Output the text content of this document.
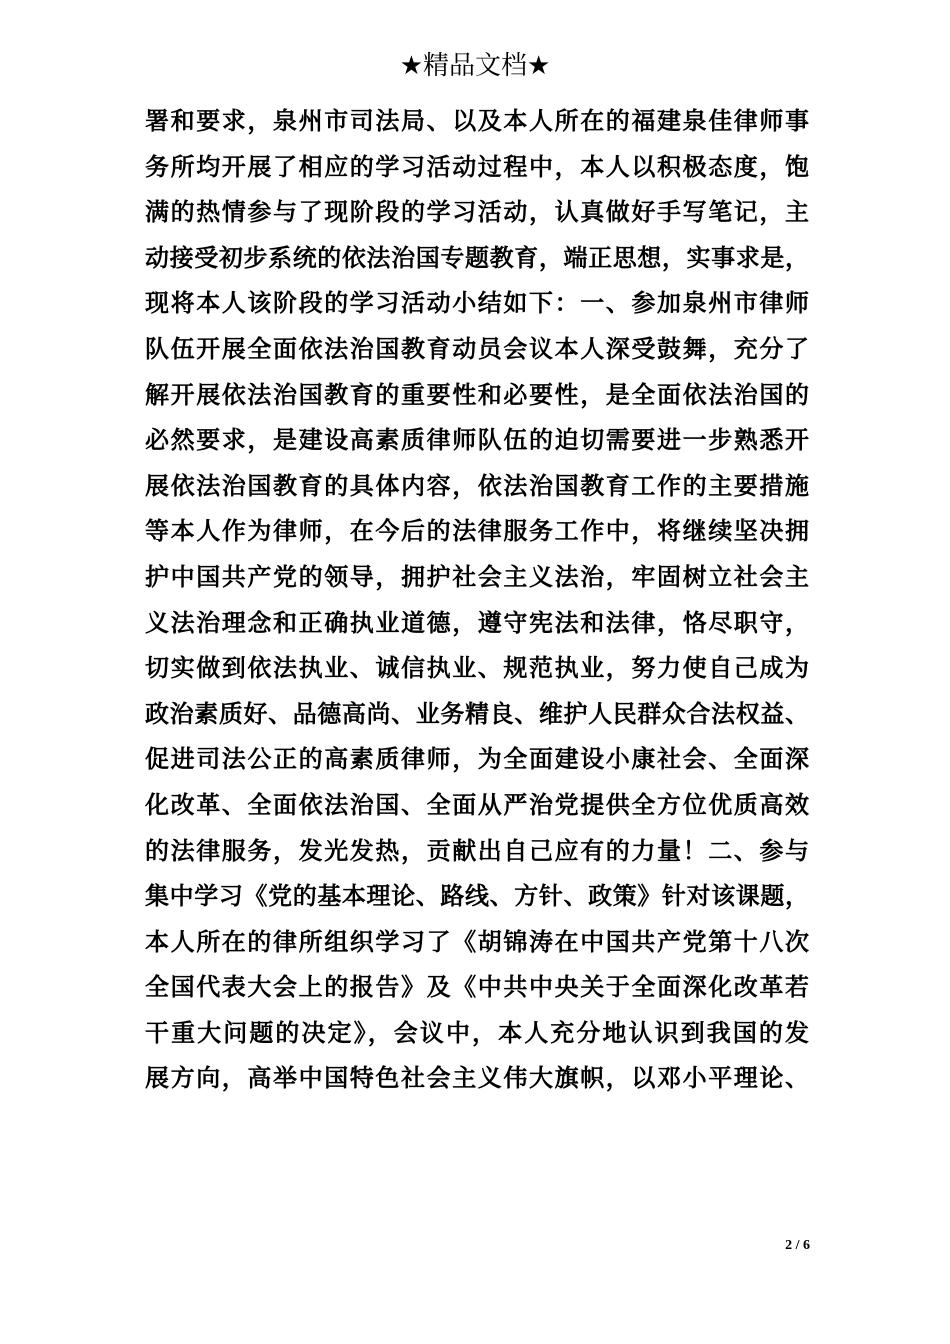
★精品文档★
署和要求，泉州市司法局、以及本人所在的福建泉佳律师事
务所均开展了相应的学习活动过程中，本人以积极态度，饱
满的热情参与了现阶段的学习活动，认真做好手写笔记，主
动接受初步系统的依法治国专题教育，端正思想，实事求是，
现将本人该阶段的学习活动小结如下：一、参加泉州市律师
队伍开展全面依法治国教育动员会议本人深受鼓舞，充分了
解开展依法治国教育的重要性和必要性，是全面依法治国的
必然要求，是建设高素质律师队伍的迫切需要进一步熟悉开
展依法治国教育的具体内容，依法治国教育工作的主要措施
等本人作为律师，在今后的法律服务工作中，将继续坚决拥
护中国共产党的领导，拥护社会主义法治，牢固树立社会主
义法治理念和正确执业道德，遵守宪法和法律，恪尽职守，
切实做到依法执业、诚信执业、规范执业，努力使自己成为
政治素质好、品德高尚、业务精良、维护人民群众合法权益、
促进司法公正的高素质律师，为全面建设小康社会、全面深
化改革、全面依法治国、全面从严治党提供全方位优质高效
的法律服务，发光发热，贡献出自己应有的力量！二、参与
集中学习《党的基本理论、路线、方针、政策》针对该课题，
本人所在的律所组织学习了《胡锦涛在中国共产党第十八次
全国代表大会上的报告》及《中共中央关于全面深化改革若
干重大问题的决定》，会议中，本人充分地认识到我国的发
展方向，高举中国特色社会主义伟大旗帜，以邓小平理论、
2 / 6
